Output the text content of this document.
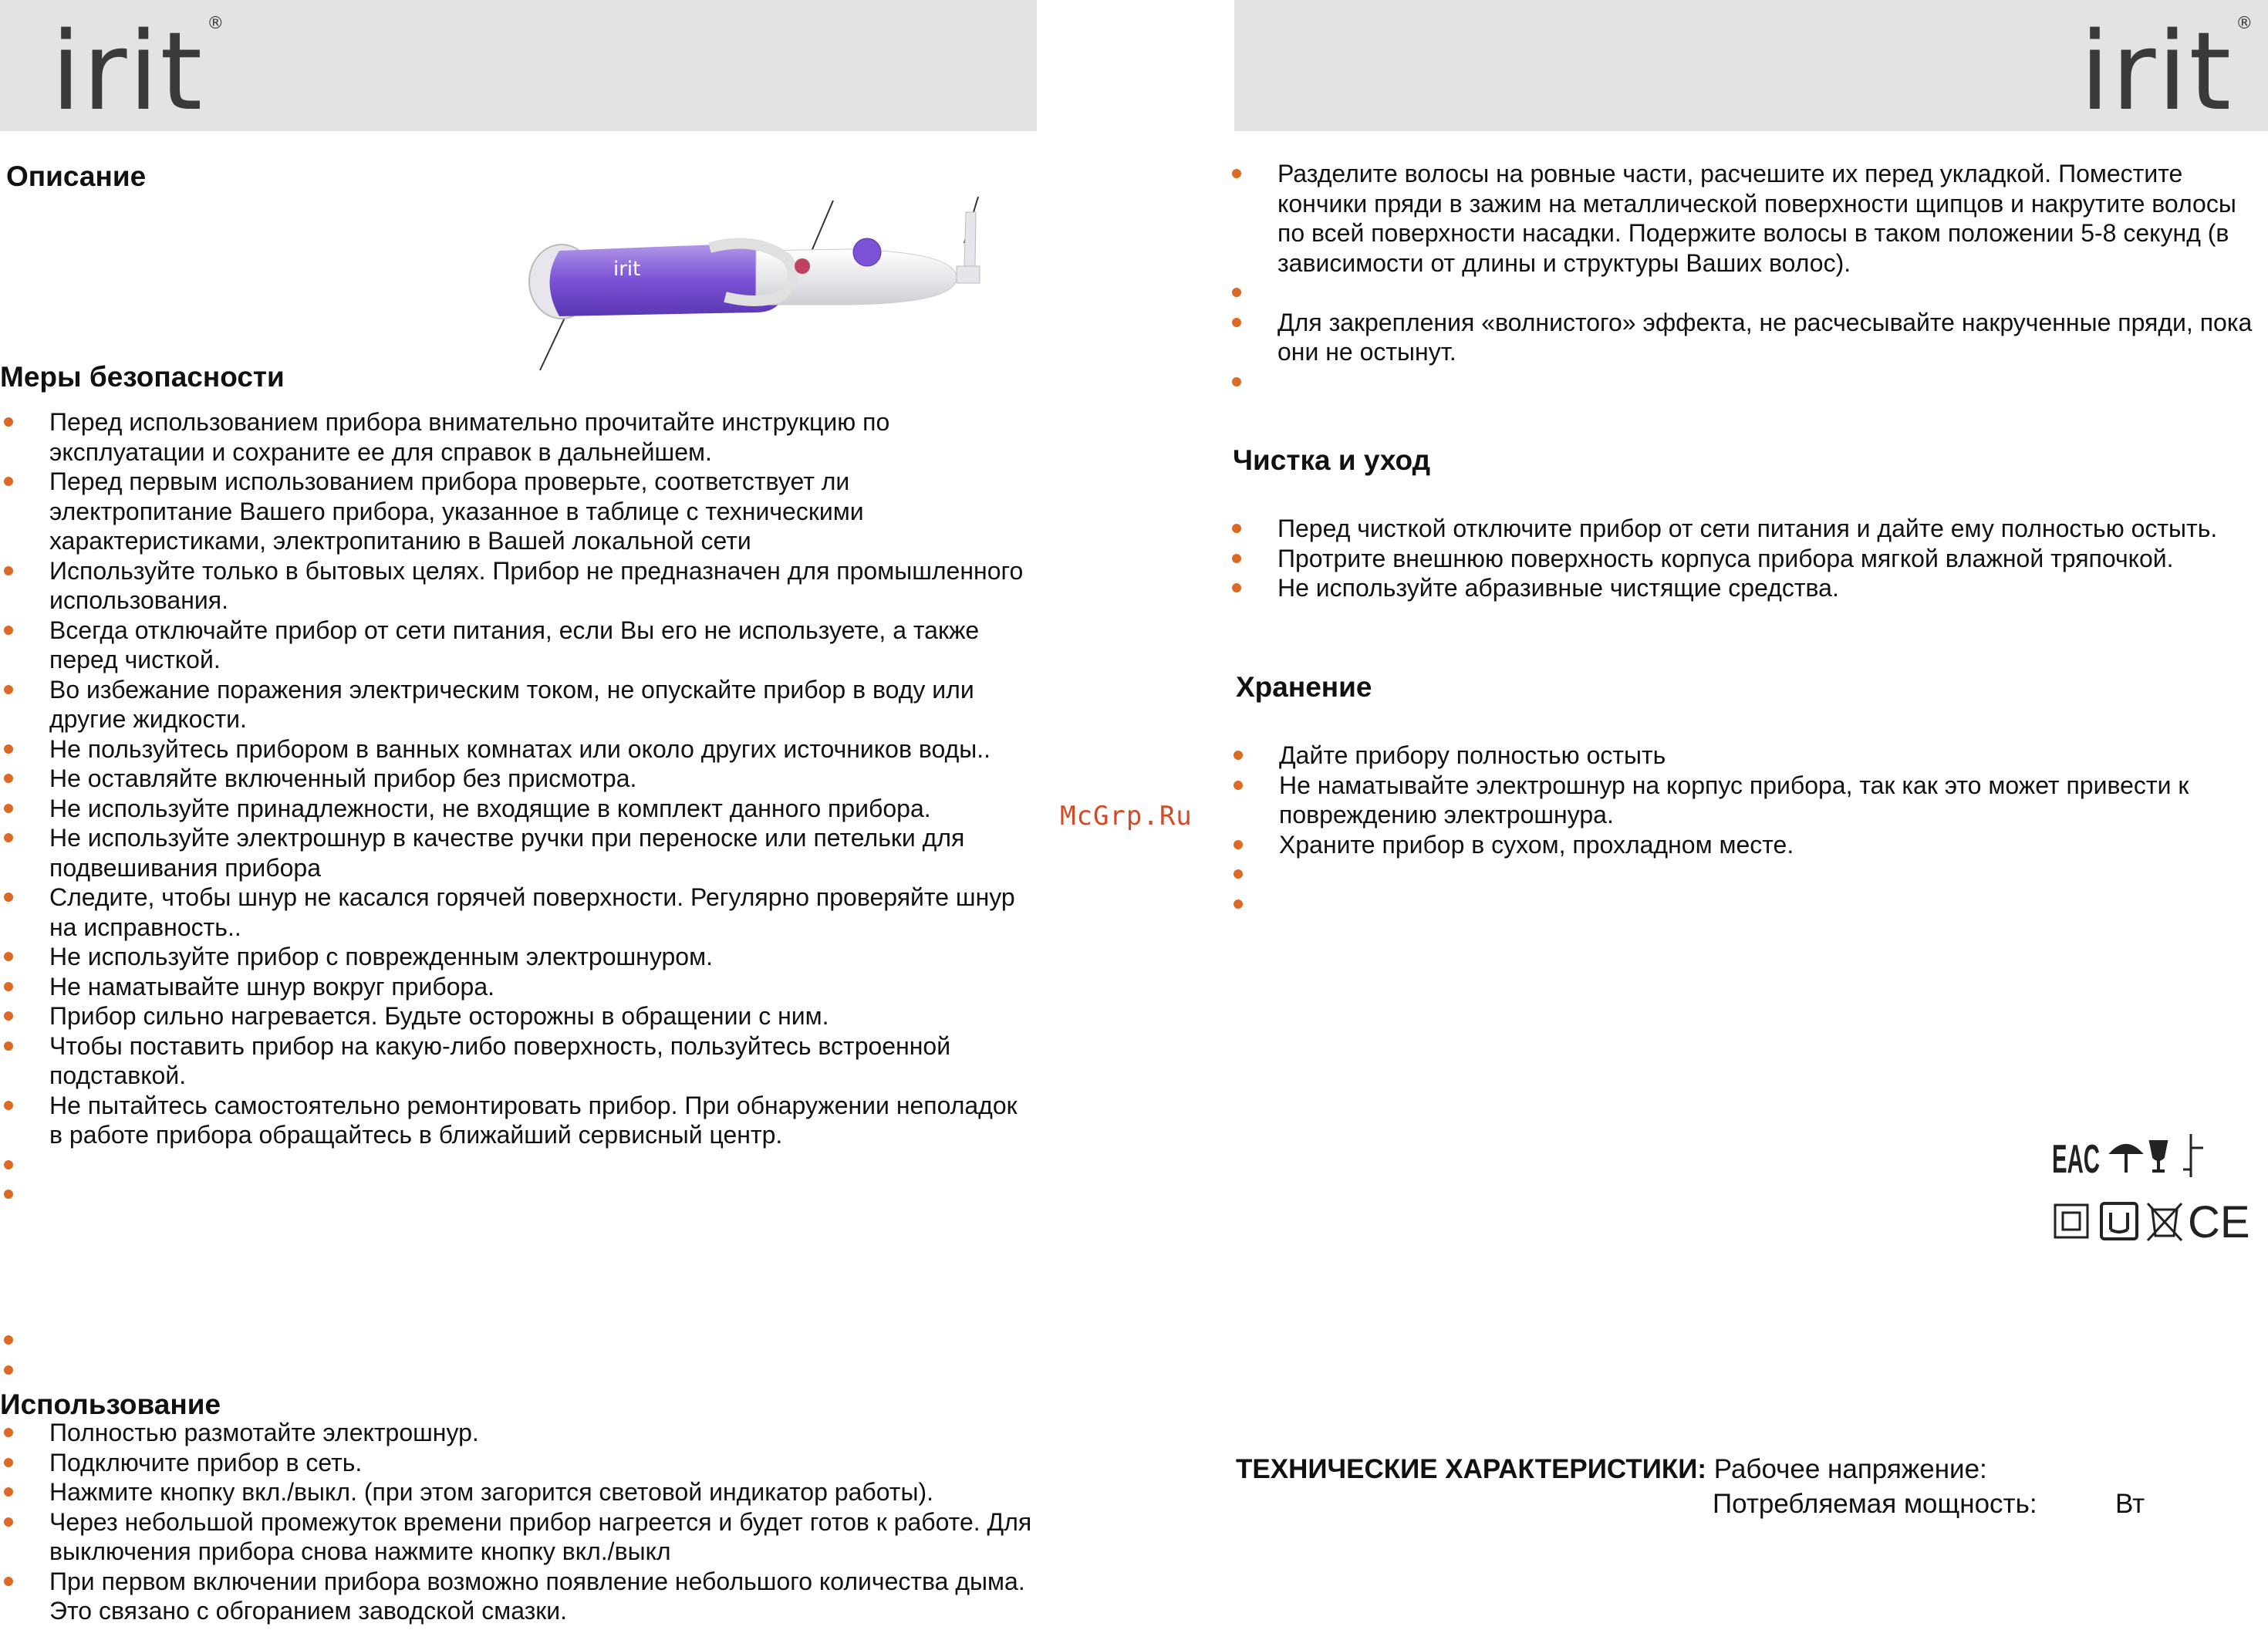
irit ®	irit ®
Описание
irit
Меры безопасности
Перед использованием прибора внимательно прочитайте инструкцию по эксплуатации и сохраните ее для справок в дальнейшем.
Перед первым использованием прибора проверьте, соответствует ли электропитание Вашего прибора, указанное в таблице с техническими характеристиками, электропитанию в Вашей локальной сети
Используйте только в бытовых целях. Прибор не предназначен для промышленного использования.
Всегда отключайте прибор от сети питания, если Вы его не используете, а также перед чисткой.
Во избежание поражения электрическим током, не опускайте прибор в воду или другие жидкости.
Не пользуйтесь прибором в ванных комнатах или около других источников воды..
Не оставляйте включенный прибор без присмотра.
Не используйте принадлежности, не входящие в комплект данного прибора.
Не используйте электрошнур в качестве ручки при переноске или петельки для подвешивания прибора
Следите, чтобы шнур не касался горячей поверхности. Регулярно проверяйте шнур на исправность..
Не используйте прибор с поврежденным электрошнуром.
Не наматывайте шнур вокруг прибора.
Прибор сильно нагревается. Будьте осторожны в обращении с ним.
Чтобы поставить прибор на какую-либо поверхность, пользуйтесь встроенной подставкой.
Не пытайтесь самостоятельно ремонтировать прибор. При обнаружении неполадок в работе прибора обращайтесь в ближайший сервисный центр.

Использование
Полностью размотайте электрошнур.
Подключите прибор в сеть.
Нажмите кнопку вкл./выкл. (при этом загорится световой индикатор работы).
Через небольшой промежуток времени прибор нагреется и будет готов к работе. Для выключения прибора снова нажмите кнопку вкл./выкл
При первом включении прибора возможно появление небольшого количества дыма. Это связано с обгоранием заводской смазки.
McGrp.Ru
Разделите волосы на ровные части, расчешите их перед укладкой. Поместите кончики пряди в зажим на металлической поверхности щипцов и накрутите волосы по всей поверхности насадки. Подержите волосы в таком положении 5-8 секунд (в зависимости от длины и структуры Ваших волос).

Для закрепления «волнистого» эффекта, не расчесывайте накрученные пряди, пока они не остынут.

Чистка и уход
Перед чисткой отключите прибор от сети питания и дайте ему полностью остыть.
Протрите внешнюю поверхность корпуса прибора мягкой влажной тряпочкой.
Не используйте абразивные чистящие средства.
Хранение
Дайте прибору полностью остыть
Не наматывайте электрошнур на корпус прибора, так как это может привести к повреждению электрошнура.
Храните прибор в сухом, прохладном месте.

EAC
CE
ТЕХНИЧЕСКИЕ ХАРАКТЕРИСТИКИ: Рабочее напряжение:
Потребляемая мощность:	Вт
